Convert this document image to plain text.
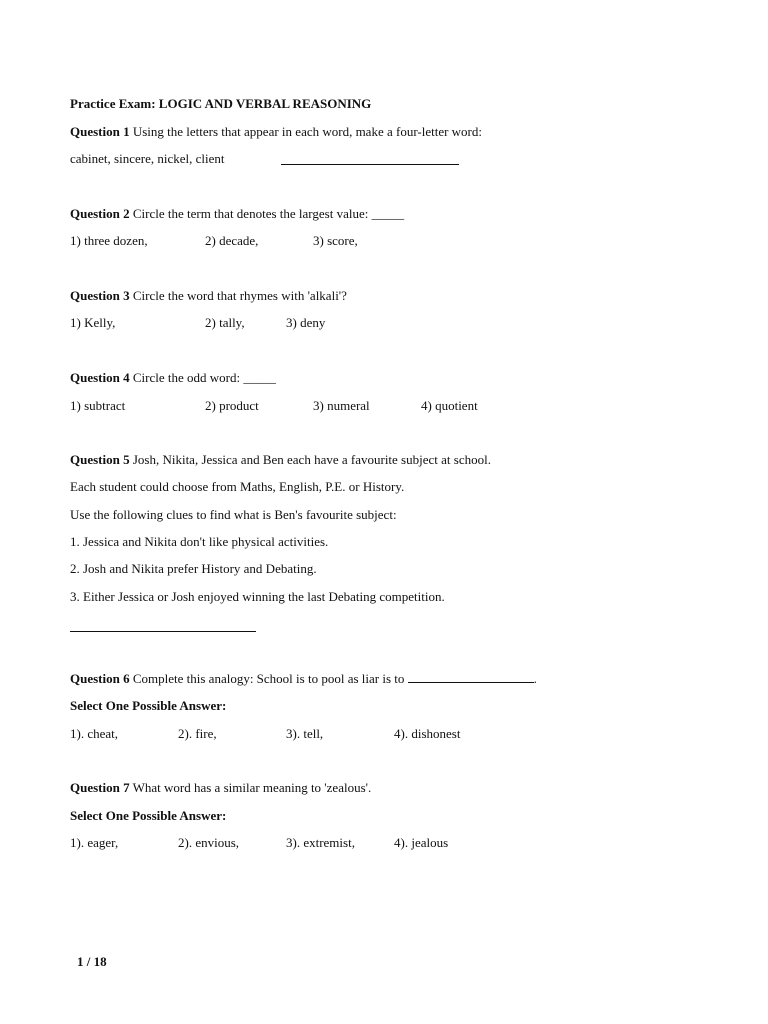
Practice Exam: LOGIC AND VERBAL REASONING
Question 1 Using the letters that appear in each word, make a four-letter word:
cabinet, sincere, nickel, client
Question 2 Circle the term that denotes the largest value: _____
1) three dozen,	2) decade,	3) score,
Question 3 Circle the word that rhymes with 'alkali'?
1) Kelly,	2) tally,	3) deny
Question 4 Circle the odd word: _____
1) subtract	2) product	3) numeral	4) quotient
Question 5 Josh, Nikita, Jessica and Ben each have a favourite subject at school.
Each student could choose from Maths, English, P.E. or History.
Use the following clues to find what is Ben's favourite subject:
1. Jessica and Nikita don't like physical activities.
2. Josh and Nikita prefer History and Debating.
3. Either Jessica or Josh enjoyed winning the last Debating competition.
Question 6 Complete this analogy: School is to pool as liar is to	.
Select One Possible Answer:
1). cheat,	2). fire,	3). tell,	4). dishonest
Question 7 What word has a similar meaning to 'zealous'.
Select One Possible Answer:
1). eager,	2). envious,	3). extremist,	4). jealous
1 / 18
